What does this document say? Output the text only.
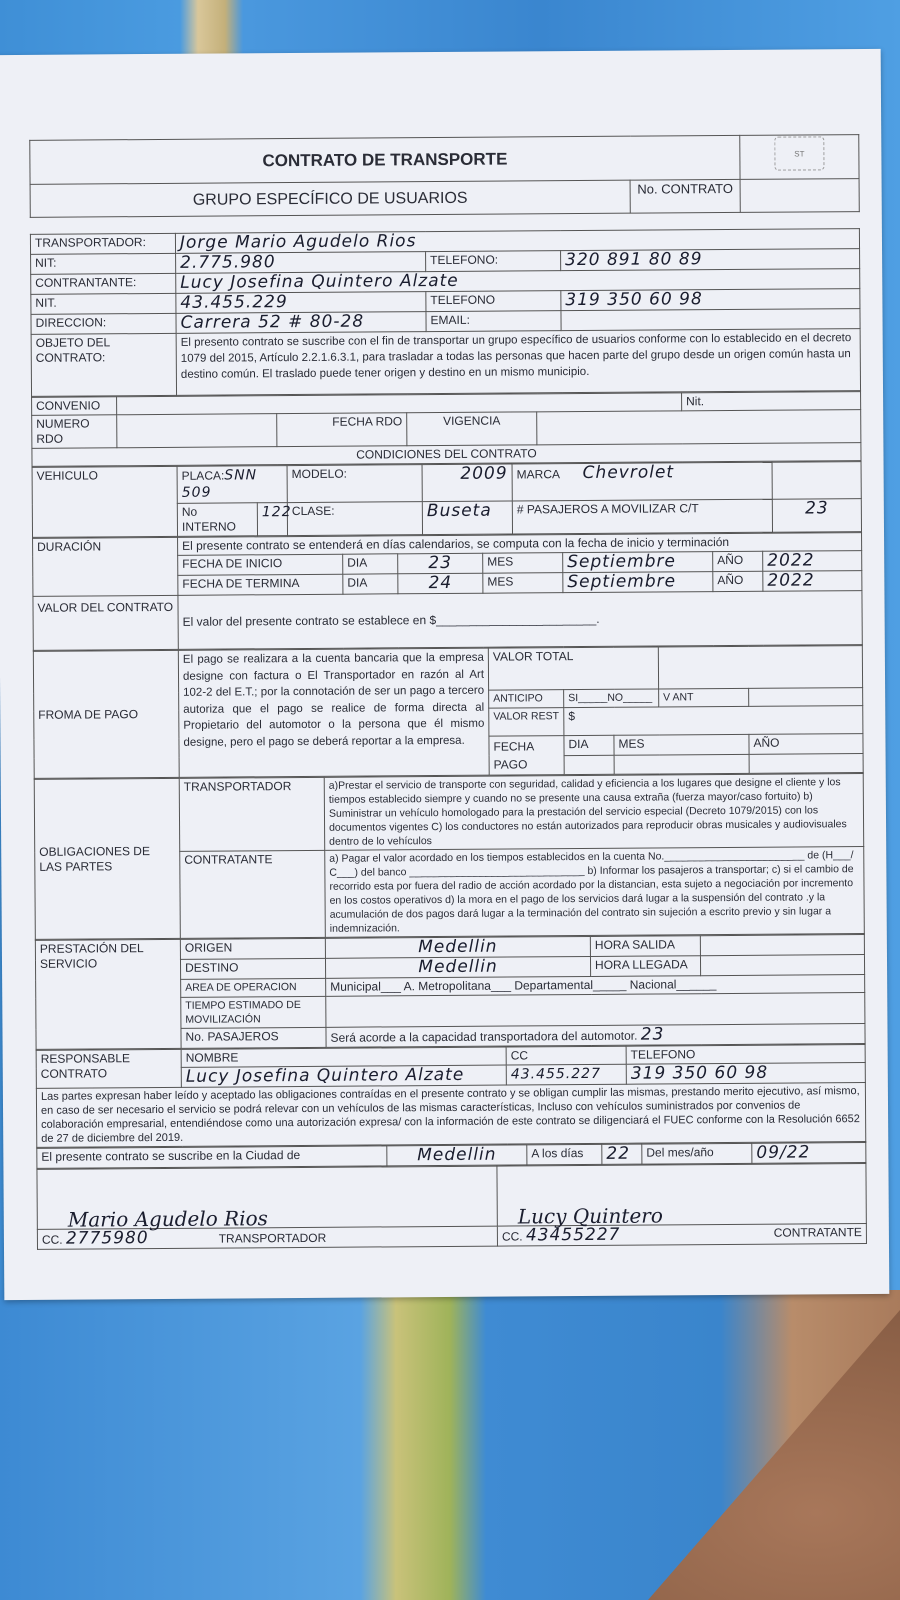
CONTRATO DE TRANSPORTE		ST
GRUPO ESPECÍFICO DE USUARIOS	No. CONTRATO	
TRANSPORTADOR:	Jorge Mario Agudelo Rios		
NIT:	2.775.980	TELEFONO:	320 891 80 89
CONTRANTANTE:	Lucy Josefina Quintero Alzate		
NIT.	43.455.229	TELEFONO	319 350 60 98
DIRECCION:	Carrera 52 # 80-28	EMAIL:	
OBJETO DEL CONTRATO:	El presento contrato se suscribe con el fin de transportar un grupo específico de usuarios conforme con lo establecido en el decreto 1079 del 2015, Artículo 2.2.1.6.3.1, para trasladar a todas las personas que hacen parte del grupo desde un origen común hasta un destino común. El traslado puede tener origen y destino en un mismo municipio.		
CONVENIO					Nit.
NUMERO RDO		FECHA RDO	VIGENCIA		
CONDICIONES DEL CONTRATO					
VEHICULO	PLACA:SNN 509		MODELO:	2009	MARCA Chevrolet	
	No INTERNO	122	CLASE:	Buseta	# PASAJEROS A MOVILIZAR C/T	23
DURACIÓN	El presente contrato se entenderá en días calendarios, se computa con la fecha de inicio y terminación						
	FECHA DE INICIO	DIA	23	MES	Septiembre	AÑO	2022
	FECHA DE TERMINA	DIA	24	MES	Septiembre	AÑO	2022
VALOR DEL CONTRATO	El valor del presente contrato se establece en $________________________.						
FROMA DE PAGO	El pago se realizara a la cuenta bancaria que la empresa designe con factura o El Transportador en razón al Art 102-2 del E.T.; por la connotación de ser un pago a tercero autoriza que el pago se realice de forma directa al Propietario del automotor o la persona que él mismo designe, pero el pago se deberá reportar a la empresa.	VALOR TOTAL				
		ANTICIPO	SI_____NO_____		V ANT	
		VALOR REST	$			
		FECHA PAGO	DIA	MES		AÑO

OBLIGACIONES DE LAS PARTES	TRANSPORTADOR	a)Prestar el servicio de transporte con seguridad, calidad y eficiencia a los lugares que designe el cliente y los tiempos establecido siempre y cuando no se presente una causa extraña (fuerza mayor/caso fortuito) b) Suministrar un vehículo homologado para la prestación del servicio especial (Decreto 1079/2015) con los documentos vigentes C) los conductores no están autorizados para reproducir obras musicales y audiovisuales dentro de lo vehículos
	CONTRATANTE	a) Pagar el valor acordado en los tiempos establecidos en la cuenta No.________________________ de (H___/ C___) del banco ______________________________ b) Informar los pasajeros a transportar; c) si el cambio de recorrido esta por fuera del radio de acción acordado por la distancian, esta sujeto a negociación por incremento en los costos operativos d) la mora en el pago de los servicios dará lugar a la suspensión del contrato .y la acumulación de dos pagos dará lugar a la terminación del contrato sin sujeción a escrito previo y sin lugar a indemnización.
PRESTACIÓN DEL SERVICIO	ORIGEN	Medellin	HORA SALIDA	
	DESTINO	Medellin	HORA LLEGADA	
	AREA DE OPERACION	Municipal___ A. Metropolitana___ Departamental_____ Nacional______		
	TIEMPO ESTIMADO DE MOVILIZACIÓN			
	No. PASAJEROS	Será acorde a la capacidad transportadora del automotor. 23		
RESPONSABLE CONTRATO	NOMBRE	CC	TELEFONO
	Lucy Josefina Quintero Alzate	43.455.227	319 350 60 98
Las partes expresan haber leído y aceptado las obligaciones contraídas en el presente contrato y se obligan cumplir las mismas, prestando merito ejecutivo, así mismo, en caso de ser necesario el servicio se podrá relevar con un vehículos de las mismas características, Incluso con vehículos suministrados por convenios de colaboración empresarial, entendiéndose como una autorización expresa/ con la información de este contrato se diligenciará el FUEC conforme con la Resolución 6652 de 27 de diciembre del 2019.			
El presente contrato se suscribe en la Ciudad de	Medellin	A los días	22	Del mes/año	09/22
Mario Agudelo Rios	Lucy Quintero
CC. 2775980 TRANSPORTADOR	CC. 43455227 CONTRATANTE
